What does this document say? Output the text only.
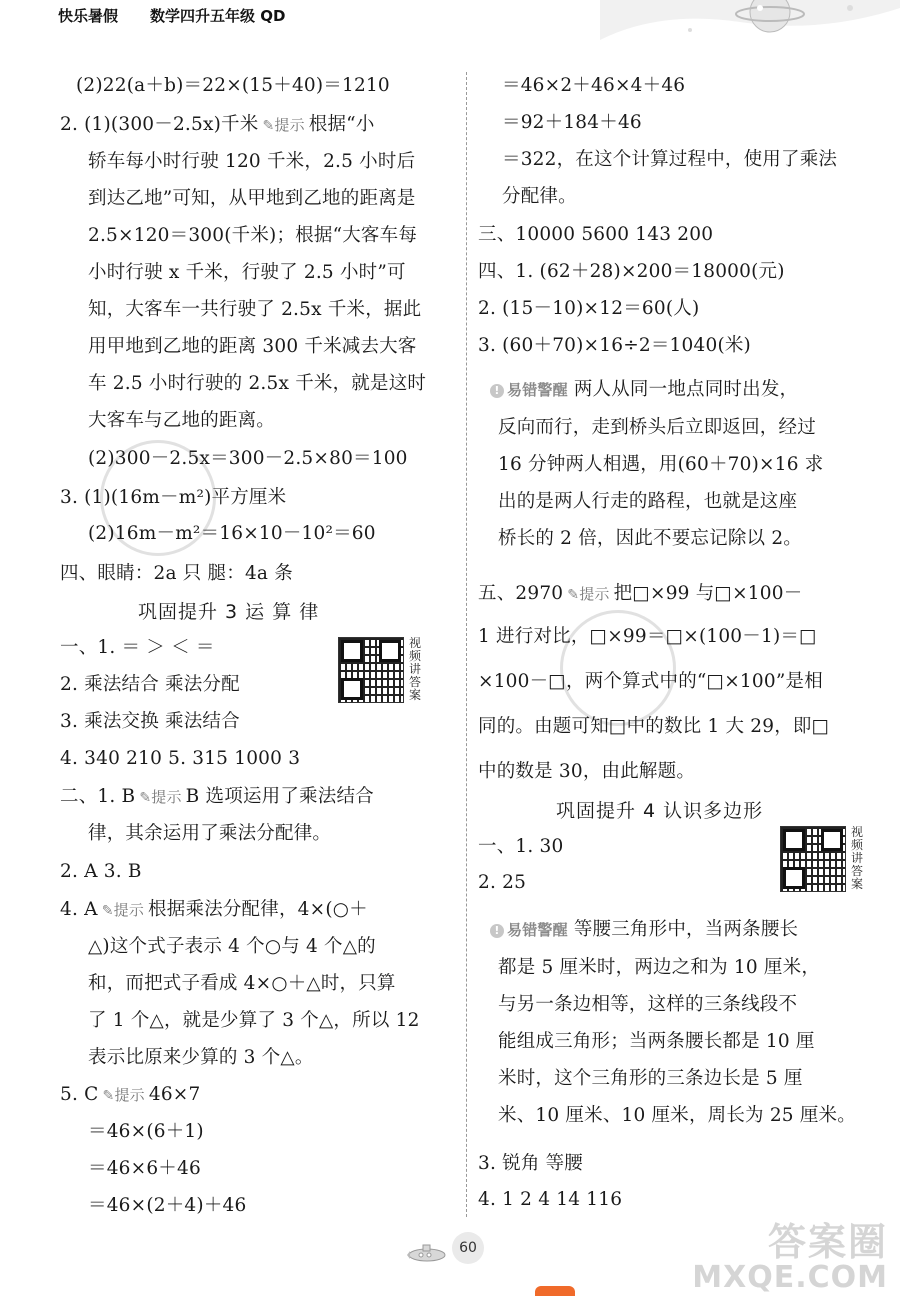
快乐暑假 数学四升五年级 QD
(2)22(a＋b)＝22×(15＋40)＝1210
2. (1)(300－2.5x)千米 ✎提示 根据“小
轿车每小时行驶 120 千米，2.5 小时后
到达乙地”可知，从甲地到乙地的距离是
2.5×120＝300(千米)；根据“大客车每
小时行驶 x 千米，行驶了 2.5 小时”可
知，大客车一共行驶了 2.5x 千米，据此
用甲地到乙地的距离 300 千米减去大客
车 2.5 小时行驶的 2.5x 千米，就是这时
大客车与乙地的距离。
(2)300－2.5x＝300－2.5×80＝100
3. (1)(16m－m²)平方厘米
(2)16m－m²＝16×10－10²＝60
四、眼睛：2a 只 腿：4a 条
巩固提升 3 运 算 律
视频讲答案
一、1. ＝ ＞ ＜ ＝
2. 乘法结合 乘法分配
3. 乘法交换 乘法结合
4. 340 210 5. 315 1000 3
二、1. B ✎提示 B 选项运用了乘法结合
律，其余运用了乘法分配律。
2. A 3. B
4. A ✎提示 根据乘法分配律，4×(○＋
△)这个式子表示 4 个○与 4 个△的
和，而把式子看成 4×○＋△时，只算
了 1 个△，就是少算了 3 个△，所以 12
表示比原来少算的 3 个△。
5. C ✎提示 46×7
＝46×(6＋1)
＝46×6＋46
＝46×(2＋4)＋46
＝46×2＋46×4＋46
＝92＋184＋46
＝322，在这个计算过程中，使用了乘法
分配律。
三、10000 5600 143 200
四、1. (62＋28)×200＝18000(元)
2. (15－10)×12＝60(人)
3. (60＋70)×16÷2＝1040(米)
! 易错警醒 两人从同一地点同时出发，
反向而行，走到桥头后立即返回，经过
16 分钟两人相遇，用(60＋70)×16 求
出的是两人行走的路程，也就是这座
桥长的 2 倍，因此不要忘记除以 2。
五、2970 ✎提示 把□×99 与□×100－
1 进行对比，□×99＝□×(100－1)＝□
×100－□，两个算式中的“□×100”是相
同的。由题可知□中的数比 1 大 29，即□
中的数是 30，由此解题。
巩固提升 4 认识多边形
视频讲答案
一、1. 30
2. 25
! 易错警醒 等腰三角形中，当两条腰长
都是 5 厘米时，两边之和为 10 厘米，
与另一条边相等，这样的三条线段不
能组成三角形；当两条腰长都是 10 厘
米时，这个三角形的三条边长是 5 厘
米、10 厘米、10 厘米，周长为 25 厘米。
3. 锐角 等腰
4. 1 2 4 14 116
60	答案圈
MXQE.COM
